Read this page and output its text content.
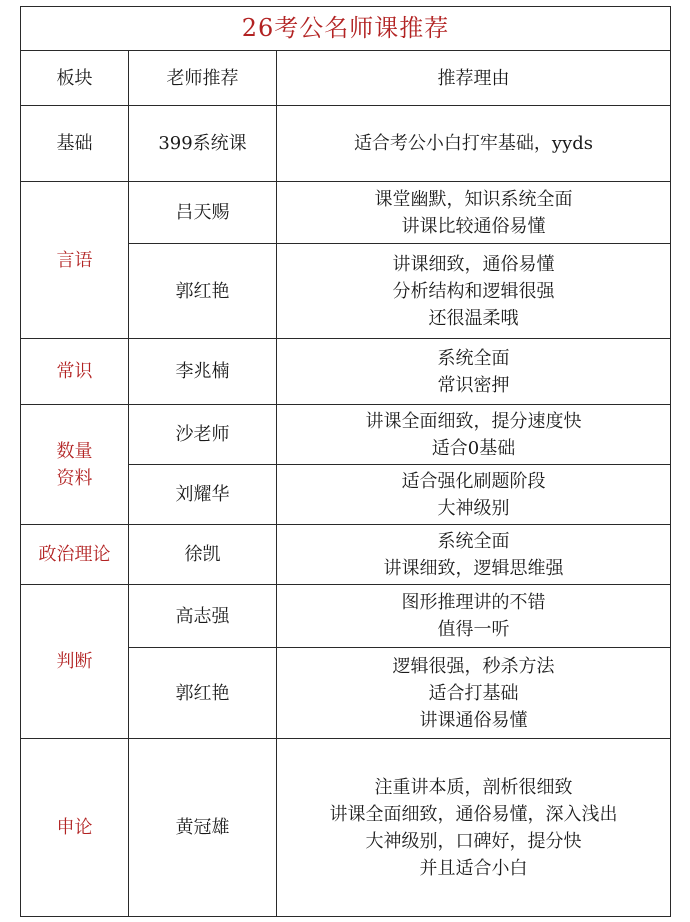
26考公名师课推荐		
板块	老师推荐	推荐理由
基础	399系统课	适合考公小白打牢基础，yyds

言语	吕天赐	课堂幽默，知识系统全面
讲课比较通俗易懂

	郭红艳	讲课细致，通俗易懂
分析结构和逻辑很强
还很温柔哦

常识	李兆楠	系统全面
常识密押

数量
资料	沙老师	讲课全面细致，提分速度快
适合0基础

	刘耀华	适合强化刷题阶段
大神级别

政治理论	徐凯	系统全面
讲课细致，逻辑思维强

判断	高志强	图形推理讲的不错
值得一听

	郭红艳	逻辑很强，秒杀方法
适合打基础
讲课通俗易懂

申论	黄冠雄	注重讲本质，剖析很细致
讲课全面细致，通俗易懂，深入浅出
大神级别，口碑好，提分快
并且适合小白
